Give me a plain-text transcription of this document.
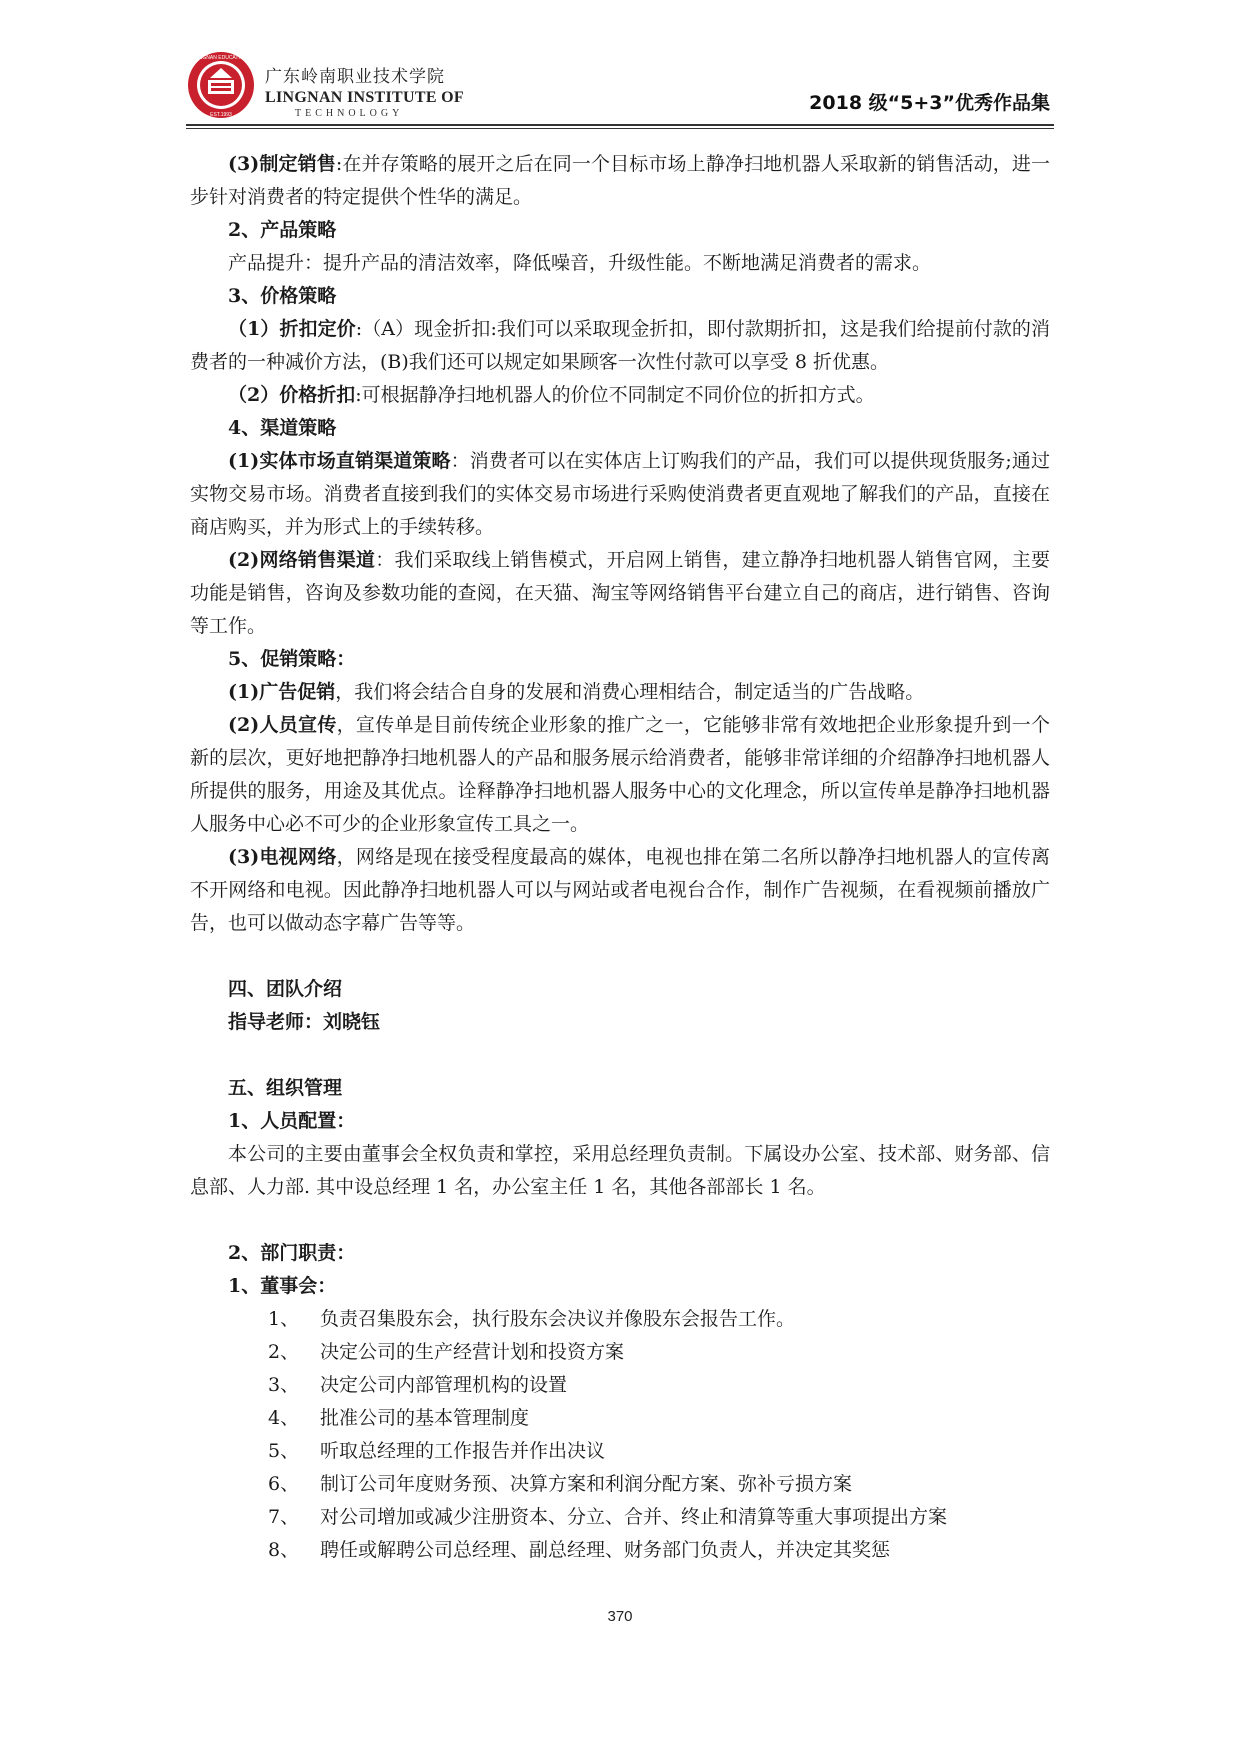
LINGNAN EDUCATION
EST.1993
广东岭南职业技术学院
LINGNAN INSTITUTE OF
TECHNOLOGY	2018 级“5+3”优秀作品集

(3)制定销售:在并存策略的展开之后在同一个目标市场上静净扫地机器人采取新的销售活动，进一步针对消费者的特定提供个性华的满足。

2、产品策略

产品提升：提升产品的清洁效率，降低噪音，升级性能。不断地满足消费者的需求。

3、价格策略

（1）折扣定价:（A）现金折扣:我们可以采取现金折扣，即付款期折扣，这是我们给提前付款的消费者的一种减价方法，(B)我们还可以规定如果顾客一次性付款可以享受 8 折优惠。

（2）价格折扣:可根据静净扫地机器人的价位不同制定不同价位的折扣方式。

4、渠道策略

(1)实体市场直销渠道策略：消费者可以在实体店上订购我们的产品，我们可以提供现货服务;通过实物交易市场。消费者直接到我们的实体交易市场进行采购使消费者更直观地了解我们的产品，直接在商店购买，并为形式上的手续转移。

(2)网络销售渠道：我们采取线上销售模式，开启网上销售，建立静净扫地机器人销售官网，主要功能是销售，咨询及参数功能的查阅，在天猫、淘宝等网络销售平台建立自己的商店，进行销售、咨询等工作。

5、促销策略：

(1)广告促销，我们将会结合自身的发展和消费心理相结合，制定适当的广告战略。

(2)人员宣传，宣传单是目前传统企业形象的推广之一，它能够非常有效地把企业形象提升到一个新的层次，更好地把静净扫地机器人的产品和服务展示给消费者，能够非常详细的介绍静净扫地机器人所提供的服务，用途及其优点。诠释静净扫地机器人服务中心的文化理念，所以宣传单是静净扫地机器人服务中心必不可少的企业形象宣传工具之一。

(3)电视网络，网络是现在接受程度最高的媒体，电视也排在第二名所以静净扫地机器人的宣传离不开网络和电视。因此静净扫地机器人可以与网站或者电视台合作，制作广告视频，在看视频前播放广告，也可以做动态字幕广告等等。

四、团队介绍

指导老师：刘晓钰

五、组织管理

1、人员配置：

本公司的主要由董事会全权负责和掌控，采用总经理负责制。下属设办公室、技术部、财务部、信息部、人力部. 其中设总经理 1 名，办公室主任 1 名，其他各部部长 1 名。

2、部门职责：

1、董事会：

1、	负责召集股东会，执行股东会决议并像股东会报告工作。

2、	决定公司的生产经营计划和投资方案

3、	决定公司内部管理机构的设置

4、	批准公司的基本管理制度

5、	听取总经理的工作报告并作出决议

6、	制订公司年度财务预、决算方案和利润分配方案、弥补亏损方案

7、	对公司增加或减少注册资本、分立、合并、终止和清算等重大事项提出方案

8、	聘任或解聘公司总经理、副总经理、财务部门负责人，并决定其奖惩

370
